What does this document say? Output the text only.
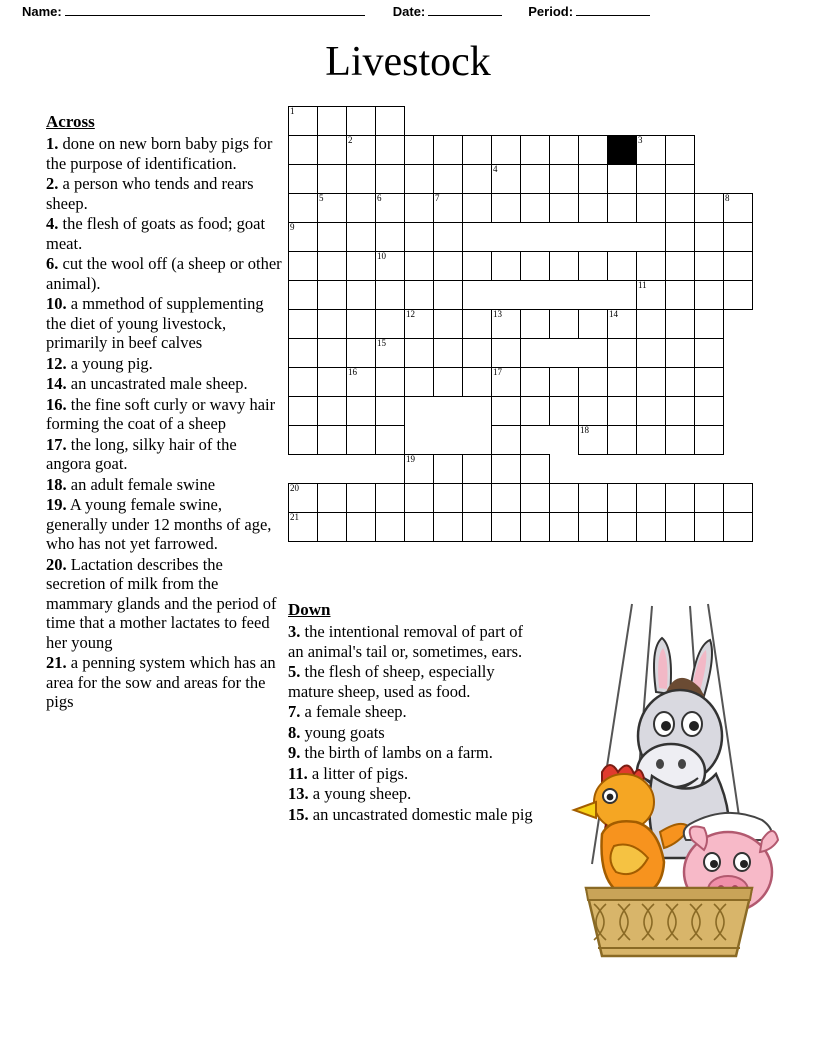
Name:	Date:	Period:
Livestock
Across

1. done on new born baby pigs for the purpose of identification.

2. a person who tends and rears sheep.

4. the flesh of goats as food; goat meat.

6. cut the wool off (a sheep or other animal).

10. a mmethod of supplementing the diet of young livestock, primarily in beef calves

12. a young pig.

14. an uncastrated male sheep.

16. the fine soft curly or wavy hair forming the coat of a sheep

17. the long, silky hair of the angora goat.

18. an adult female swine

19. A young female swine, generally under 12 months of age, who has not yet farrowed.

20. Lactation describes the secretion of milk from the mammary glands and the period of time that a mother lactates to feed her young

21. a penning system which has an area for the sow and areas for the pigs

Down

3. the intentional removal of part of an animal's tail or, sometimes, ears.

5. the flesh of sheep, especially mature sheep, used as food.

7. a female sheep.

8. young goats

9. the birth of lambs on a farm.

11. a litter of pigs.

13. a young sheep.

15. an uncastrated domestic male pig

1
2	3
4
5	6	7	8
9
10
11
12	13	14
15
16	17
18
19
20
21
